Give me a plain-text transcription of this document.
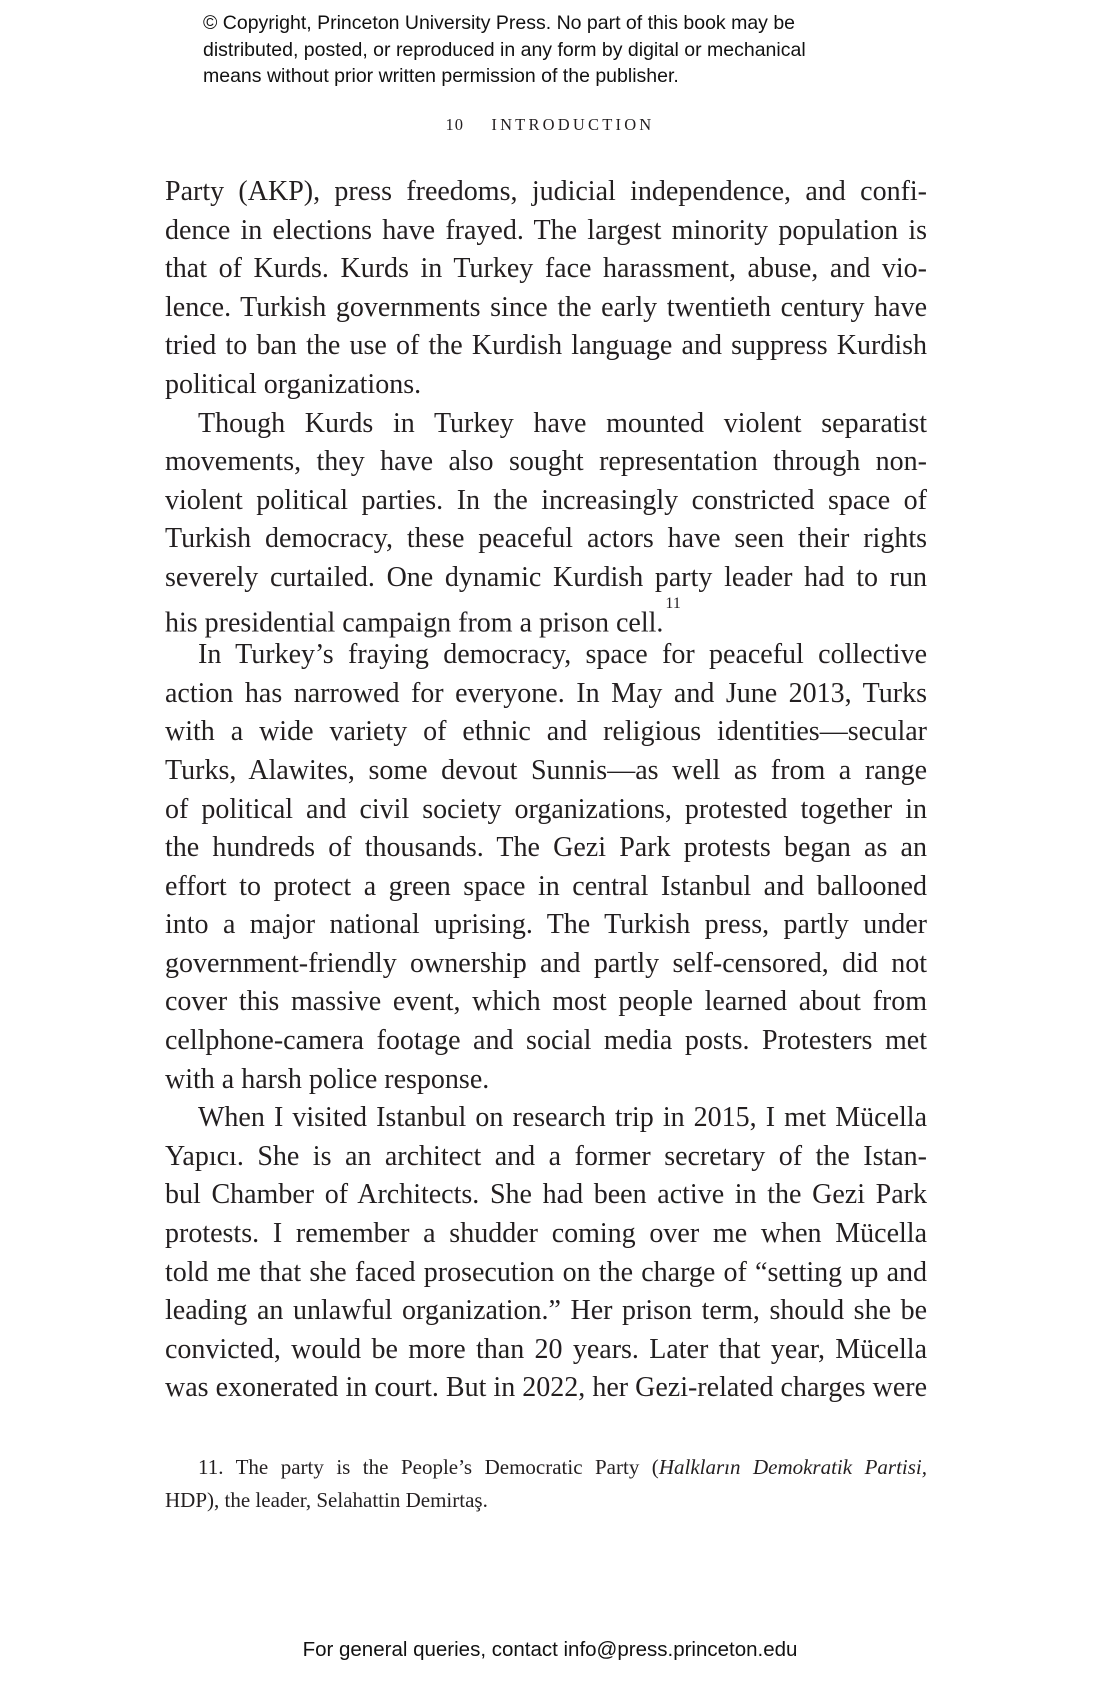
© Copyright, Princeton University Press. No part of this book may be
distributed, posted, or reproduced in any form by digital or mechanical
means without prior written permission of the publisher.
10 INTRODUCTION
Party (AKP), press freedoms, judicial independence, and confi-
dence in elections have frayed. The largest minority population is
that of Kurds. Kurds in Turkey face harassment, abuse, and vio-
lence. Turkish governments since the early twentieth century have
tried to ban the use of the Kurdish language and suppress Kurdish
political organizations.
Though Kurds in Turkey have mounted violent separatist
movements, they have also sought representation through non-
violent political parties. In the increasingly constricted space of
Turkish democracy, these peaceful actors have seen their rights
severely curtailed. One dynamic Kurdish party leader had to run
his presidential campaign from a prison cell.$^{11}$
In Turkey’s fraying democracy, space for peaceful collective
action has narrowed for everyone. In May and June 2013, Turks
with a wide variety of ethnic and religious identities—secular
Turks, Alawites, some devout Sunnis—as well as from a range
of political and civil society organizations, protested together in
the hundreds of thousands. The Gezi Park protests began as an
effort to protect a green space in central Istanbul and ballooned
into a major national uprising. The Turkish press, partly under
government-friendly ownership and partly self-censored, did not
cover this massive event, which most people learned about from
cellphone-camera footage and social media posts. Protesters met
with a harsh police response.
When I visited Istanbul on research trip in 2015, I met Mücella
Yapıcı. She is an architect and a former secretary of the Istan-
bul Chamber of Architects. She had been active in the Gezi Park
protests. I remember a shudder coming over me when Mücella
told me that she faced prosecution on the charge of “setting up and
leading an unlawful organization.” Her prison term, should she be
convicted, would be more than 20 years. Later that year, Mücella
was exonerated in court. But in 2022, her Gezi-related charges were
11. The party is the People’s Democratic Party (Halkların Demokratik Partisi,
HDP), the leader, Selahattin Demirtaş.
For general queries, contact info@press.princeton.edu
